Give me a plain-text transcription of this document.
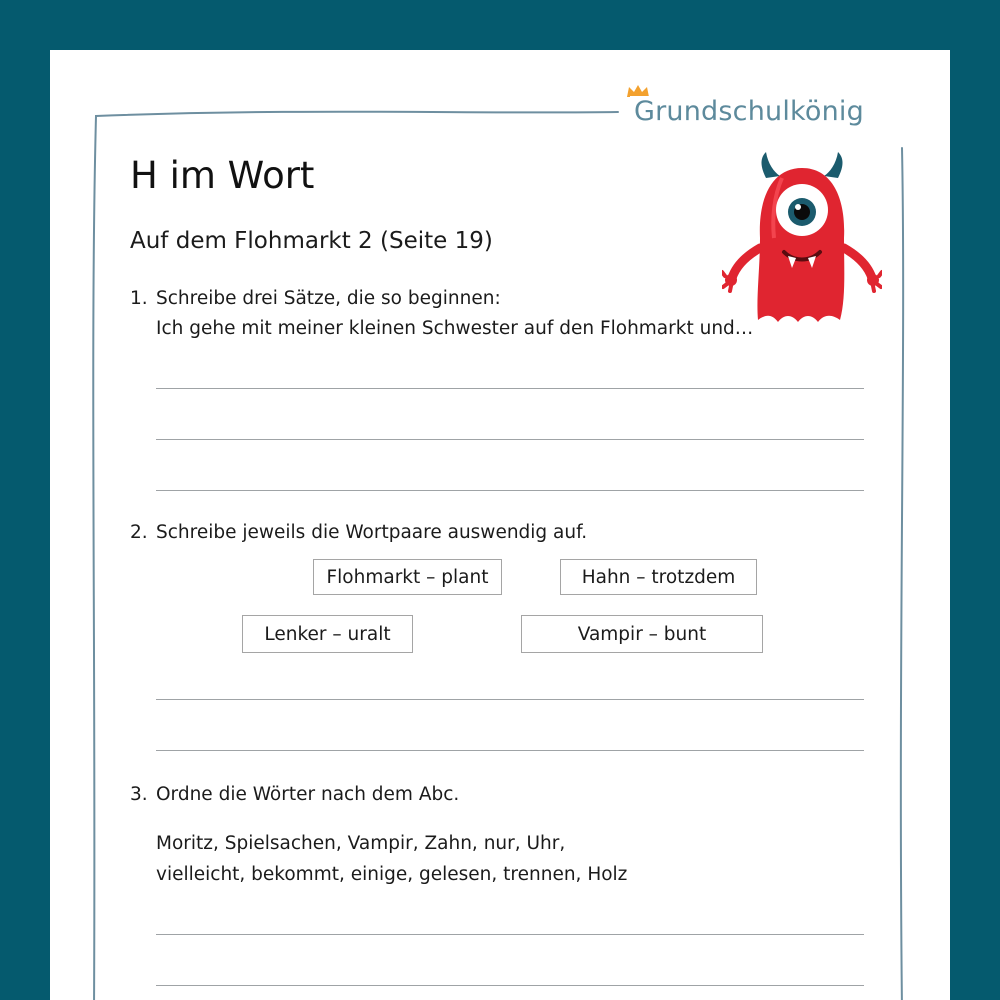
Grundschulkönig
H im Wort
Auf dem Flohmarkt 2 (Seite 19)
1. Schreibe drei Sätze, die so beginnen:
Ich gehe mit meiner kleinen Schwester auf den Flohmarkt und…
2. Schreibe jeweils die Wortpaare auswendig auf.
Flohmarkt – plant	Hahn – trotzdem
Lenker – uralt	Vampir – bunt
3. Ordne die Wörter nach dem Abc.
Moritz, Spielsachen, Vampir, Zahn, nur, Uhr,
vielleicht, bekommt, einige, gelesen, trennen, Holz
